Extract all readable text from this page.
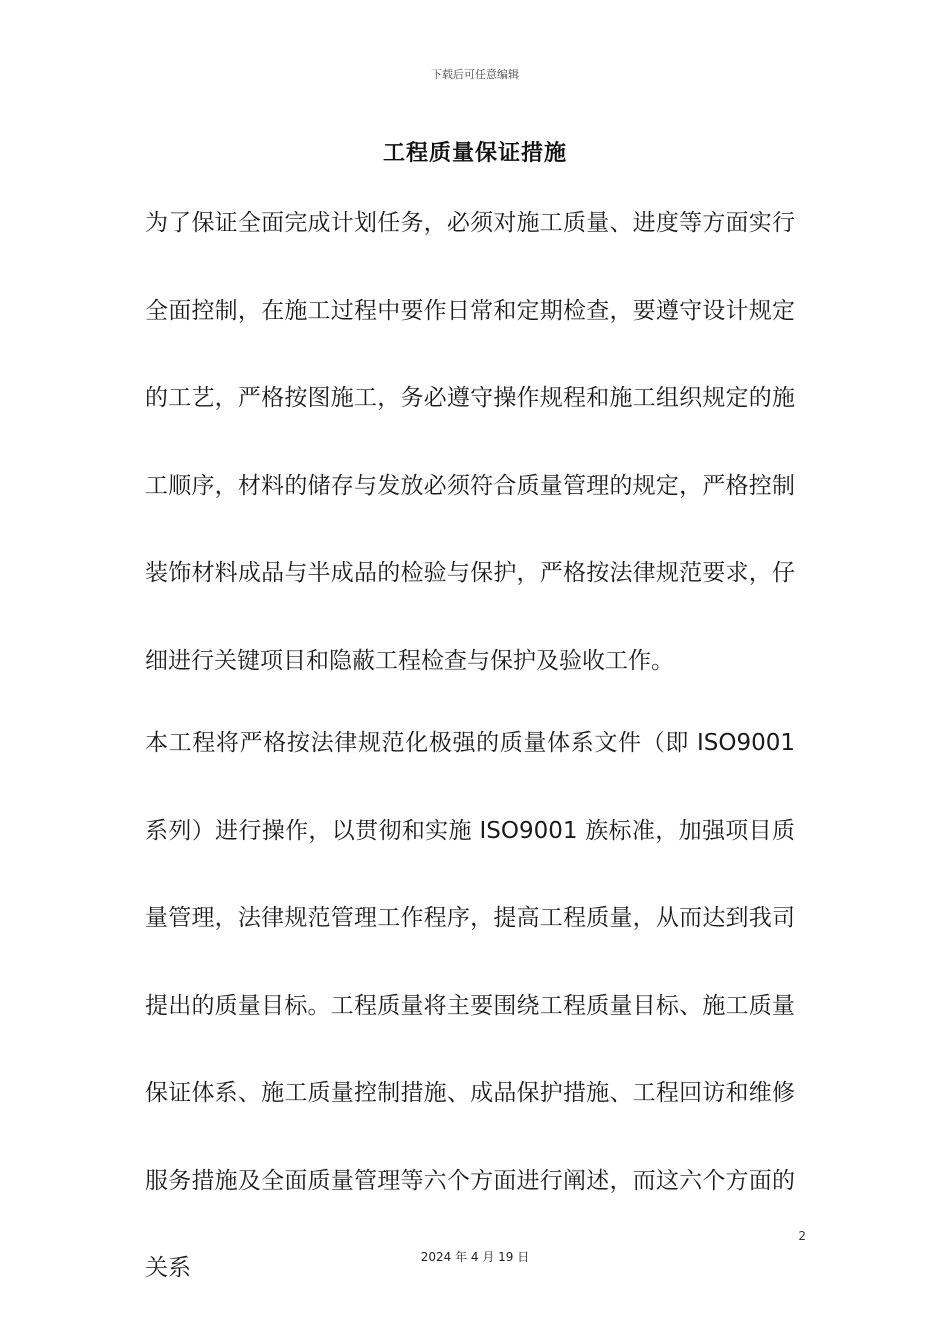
下载后可任意编辑
工程质量保证措施

为了保证全面完成计划任务，必须对施工质量、进度等方面实行全面控制，在施工过程中要作日常和定期检查，要遵守设计规定的工艺，严格按图施工，务必遵守操作规程和施工组织规定的施工顺序，材料的储存与发放必须符合质量管理的规定，严格控制装饰材料成品与半成品的检验与保护，严格按法律规范要求，仔细进行关键项目和隐蔽工程检查与保护及验收工作。

本工程将严格按法律规范化极强的质量体系文件（即 ISO9001 系列）进行操作，以贯彻和实施 ISO9001 族标准，加强项目质量管理，法律规范管理工作程序，提高工程质量，从而达到我司提出的质量目标。工程质量将主要围绕工程质量目标、施工质量保证体系、施工质量控制措施、成品保护措施、工程回访和维修服务措施及全面质量管理等六个方面进行阐述，而这六个方面的关系

2
2024 年 4 月 19 日
